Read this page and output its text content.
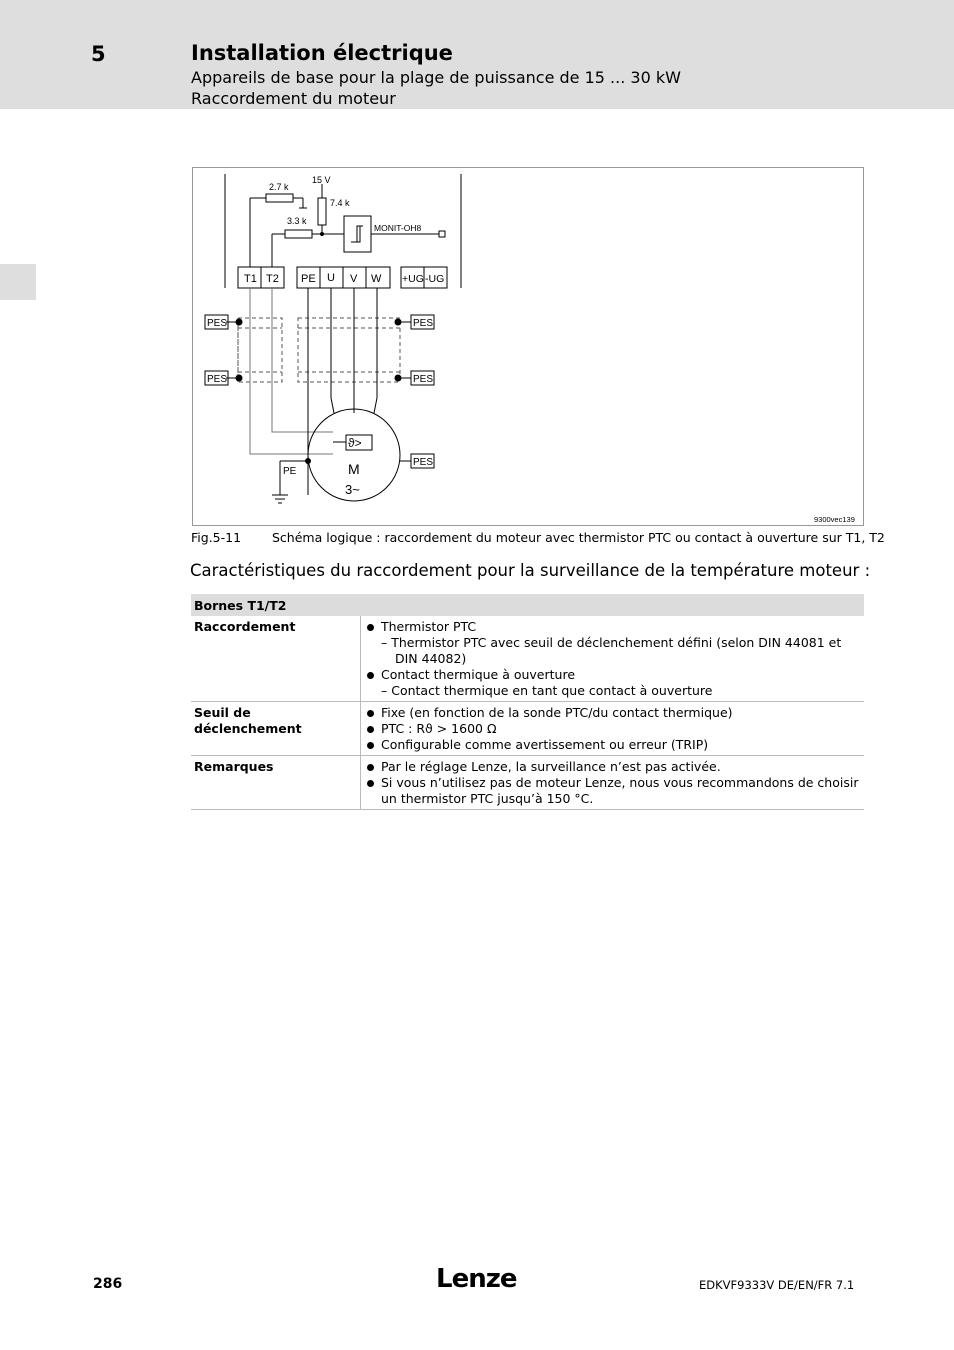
5	Installation électrique
Appareils de base pour la plage de puissance de 15 ... 30 kW
Raccordement du moteur
2.7 k
15 V
7.4 k
3.3 k
MONIT-OH8
T1 T2 PE U V W +UG -UG
PES
PES
PES
PES
PES
PE
ϑ>
M
3~
9300vec139
Fig.5-11 Schéma logique : raccordement du moteur avec thermistor PTC ou contact à ouverture sur T1, T2
Caractéristiques du raccordement pour la surveillance de la température moteur :
Bornes T1/T2	
Raccordement	Thermistor PTC
– Thermistor PTC avec seuil de déclenchement défini (selon DIN 44081 et
DIN 44082)
Contact thermique à ouverture
– Contact thermique en tant que contact à ouverture

Seuil de déclenchement	Fixe (en fonction de la sonde PTC/du contact thermique)
PTC : Rϑ > 1600 Ω
Configurable comme avertissement ou erreur (TRIP)

Remarques	Par le réglage Lenze, la surveillance n’est pas activée.
Si vous n’utilisez pas de moteur Lenze, nous vous recommandons de choisir un thermistor PTC jusqu’à 150 °C.
286	Lenze	EDKVF9333V DE/EN/FR 7.1
